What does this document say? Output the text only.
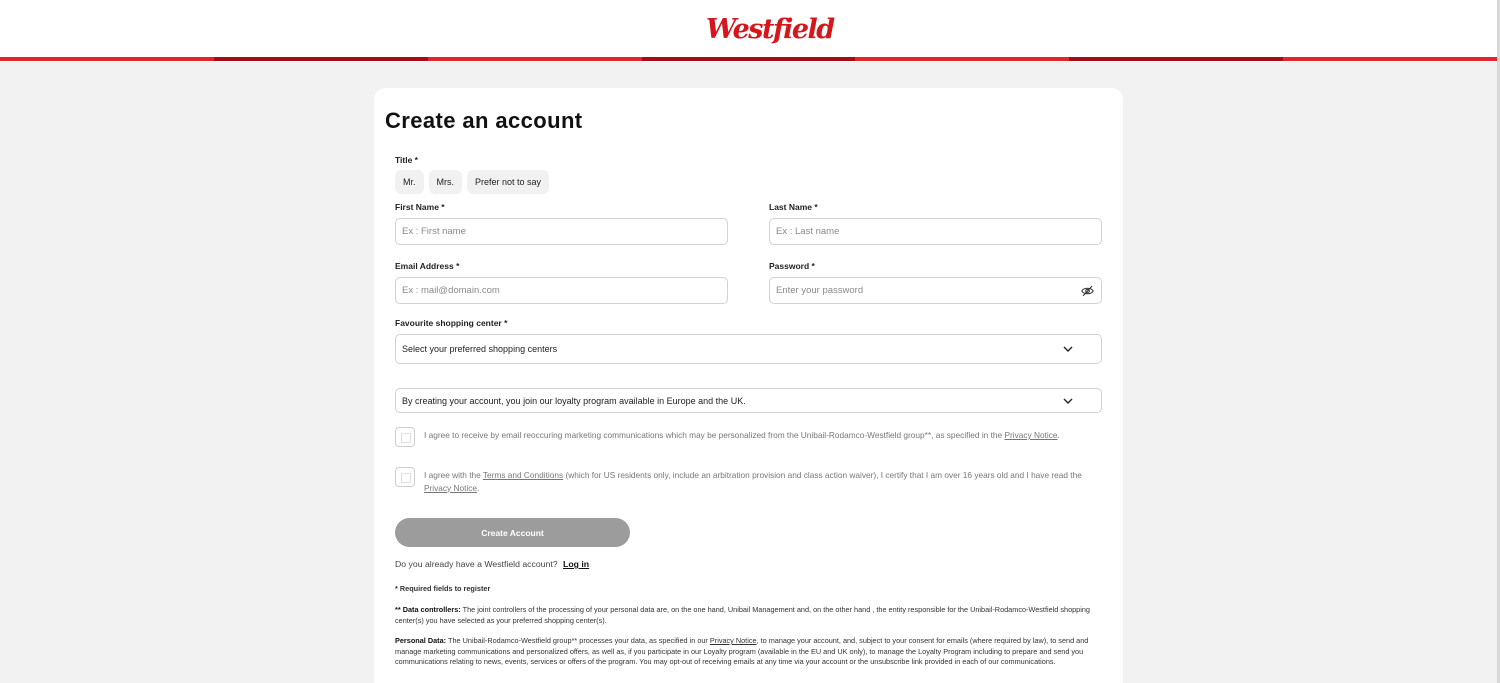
Westfield
Create an account
Title *
Mr.	Mrs.	Prefer not to say
First Name *
Ex : First name
Last Name *
Ex : Last name
Email Address *
Ex : mail@domain.com
Password *
Enter your password
Favourite shopping center *
Select your preferred shopping centers
By creating your account, you join our loyalty program available in Europe and the UK.
I agree to receive by email reoccuring marketing communications which may be personalized from the Unibail-Rodamco-Westfield group**, as specified in the Privacy Notice.
I agree with the Terms and Conditions (which for US residents only, include an arbitration provision and class action waiver), I certify that I am over 16 years old and I have read the Privacy Notice.
Create Account
Do you already have a Westfield account? Log in
* Required fields to register
** Data controllers: The joint controllers of the processing of your personal data are, on the one hand, Unibail Management and, on the other hand , the entity responsible for the Unibail-Rodamco-Westfield shopping center(s) you have selected as your preferred shopping center(s).
Personal Data: The Unibail-Rodamco-Westfield group** processes your data, as specified in our Privacy Notice, to manage your account, and, subject to your consent for emails (where required by law), to send and manage marketing communications and personalized offers, as well as, if you participate in our Loyalty program (available in the EU and UK only), to manage the Loyalty Program including to prepare and send you communications relating to news, events, services or offers of the program. You may opt-out of receiving emails at any time via your account or the unsubscribe link provided in each of our communications.
